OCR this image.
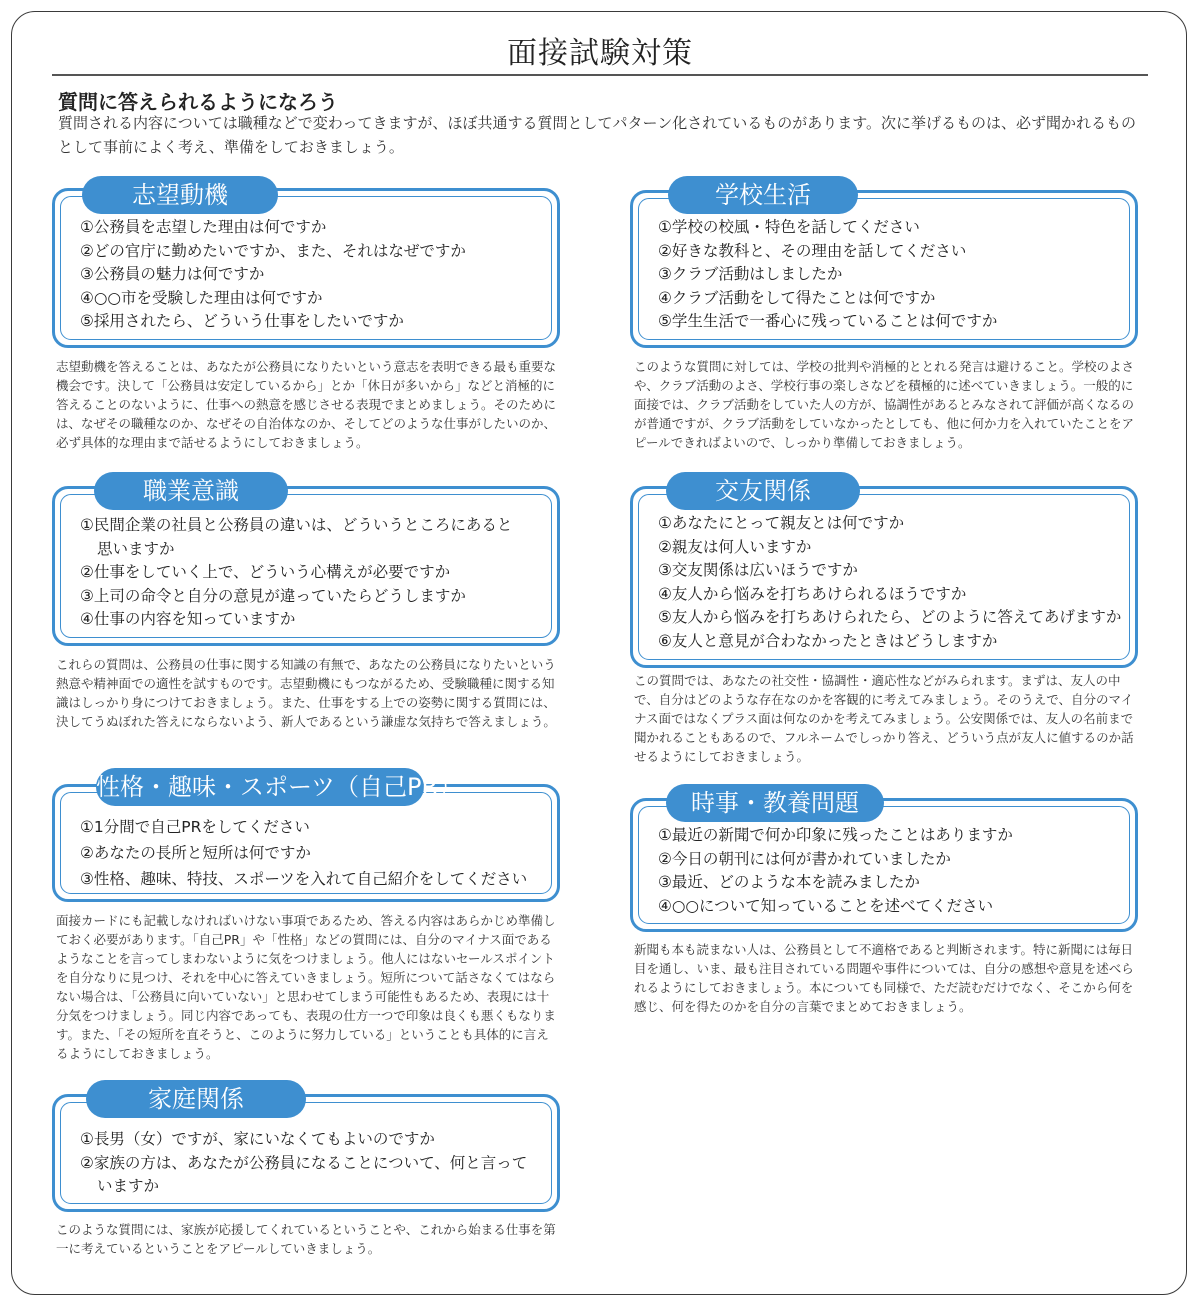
面接試験対策
質問に答えられるようになろう
質問される内容については職種などで変わってきますが、ほぼ共通する質問としてパターン化されているものがあります。次に挙げるものは、必ず聞かれるものとして事前によく考え、準備をしておきましょう。
志望動機
①公務員を志望した理由は何ですか
②どの官庁に勤めたいですか、また、それはなぜですか
③公務員の魅力は何ですか
④○○市を受験した理由は何ですか
⑤採用されたら、どういう仕事をしたいですか
志望動機を答えることは、あなたが公務員になりたいという意志を表明できる最も重要な機会です。決して「公務員は安定しているから」とか「休日が多いから」などと消極的に答えることのないように、仕事への熱意を感じさせる表現でまとめましょう。そのためには、なぜその職種なのか、なぜその自治体なのか、そしてどのような仕事がしたいのか、必ず具体的な理由まで話せるようにしておきましょう。
職業意識
①民間企業の社員と公務員の違いは、どういうところにあると
思いますか
②仕事をしていく上で、どういう心構えが必要ですか
③上司の命令と自分の意見が違っていたらどうしますか
④仕事の内容を知っていますか
これらの質問は、公務員の仕事に関する知識の有無で、あなたの公務員になりたいという熱意や精神面での適性を試すものです。志望動機にもつながるため、受験職種に関する知識はしっかり身につけておきましょう。また、仕事をする上での姿勢に関する質問には、決してうぬぼれた答えにならないよう、新人であるという謙虚な気持ちで答えましょう。
性格・趣味・スポーツ（自己PR）
①1分間で自己PRをしてください
②あなたの長所と短所は何ですか
③性格、趣味、特技、スポーツを入れて自己紹介をしてください
面接カードにも記載しなければいけない事項であるため、答える内容はあらかじめ準備しておく必要があります。「自己PR」や「性格」などの質問には、自分のマイナス面であるようなことを言ってしまわないように気をつけましょう。他人にはないセールスポイントを自分なりに見つけ、それを中心に答えていきましょう。短所について話さなくてはならない場合は、「公務員に向いていない」と思わせてしまう可能性もあるため、表現には十分気をつけましょう。同じ内容であっても、表現の仕方一つで印象は良くも悪くもなります。また、「その短所を直そうと、このように努力している」ということも具体的に言えるようにしておきましょう。
家庭関係
①長男（女）ですが、家にいなくてもよいのですか
②家族の方は、あなたが公務員になることについて、何と言って
いますか
このような質問には、家族が応援してくれているということや、これから始まる仕事を第一に考えているということをアピールしていきましょう。
学校生活
①学校の校風・特色を話してください
②好きな教科と、その理由を話してください
③クラブ活動はしましたか
④クラブ活動をして得たことは何ですか
⑤学生生活で一番心に残っていることは何ですか
このような質問に対しては、学校の批判や消極的ととれる発言は避けること。学校のよさや、クラブ活動のよさ、学校行事の楽しさなどを積極的に述べていきましょう。一般的に面接では、クラブ活動をしていた人の方が、協調性があるとみなされて評価が高くなるのが普通ですが、クラブ活動をしていなかったとしても、他に何か力を入れていたことをアピールできればよいので、しっかり準備しておきましょう。
交友関係
①あなたにとって親友とは何ですか
②親友は何人いますか
③交友関係は広いほうですか
④友人から悩みを打ちあけられるほうですか
⑤友人から悩みを打ちあけられたら、どのように答えてあげますか
⑥友人と意見が合わなかったときはどうしますか
この質問では、あなたの社交性・協調性・適応性などがみられます。まずは、友人の中で、自分はどのような存在なのかを客観的に考えてみましょう。そのうえで、自分のマイナス面ではなくプラス面は何なのかを考えてみましょう。公安関係では、友人の名前まで聞かれることもあるので、フルネームでしっかり答え、どういう点が友人に値するのか話せるようにしておきましょう。
時事・教養問題
①最近の新聞で何か印象に残ったことはありますか
②今日の朝刊には何が書かれていましたか
③最近、どのような本を読みましたか
④○○について知っていることを述べてください
新聞も本も読まない人は、公務員として不適格であると判断されます。特に新聞には毎日目を通し、いま、最も注目されている問題や事件については、自分の感想や意見を述べられるようにしておきましょう。本についても同様で、ただ読むだけでなく、そこから何を感じ、何を得たのかを自分の言葉でまとめておきましょう。
